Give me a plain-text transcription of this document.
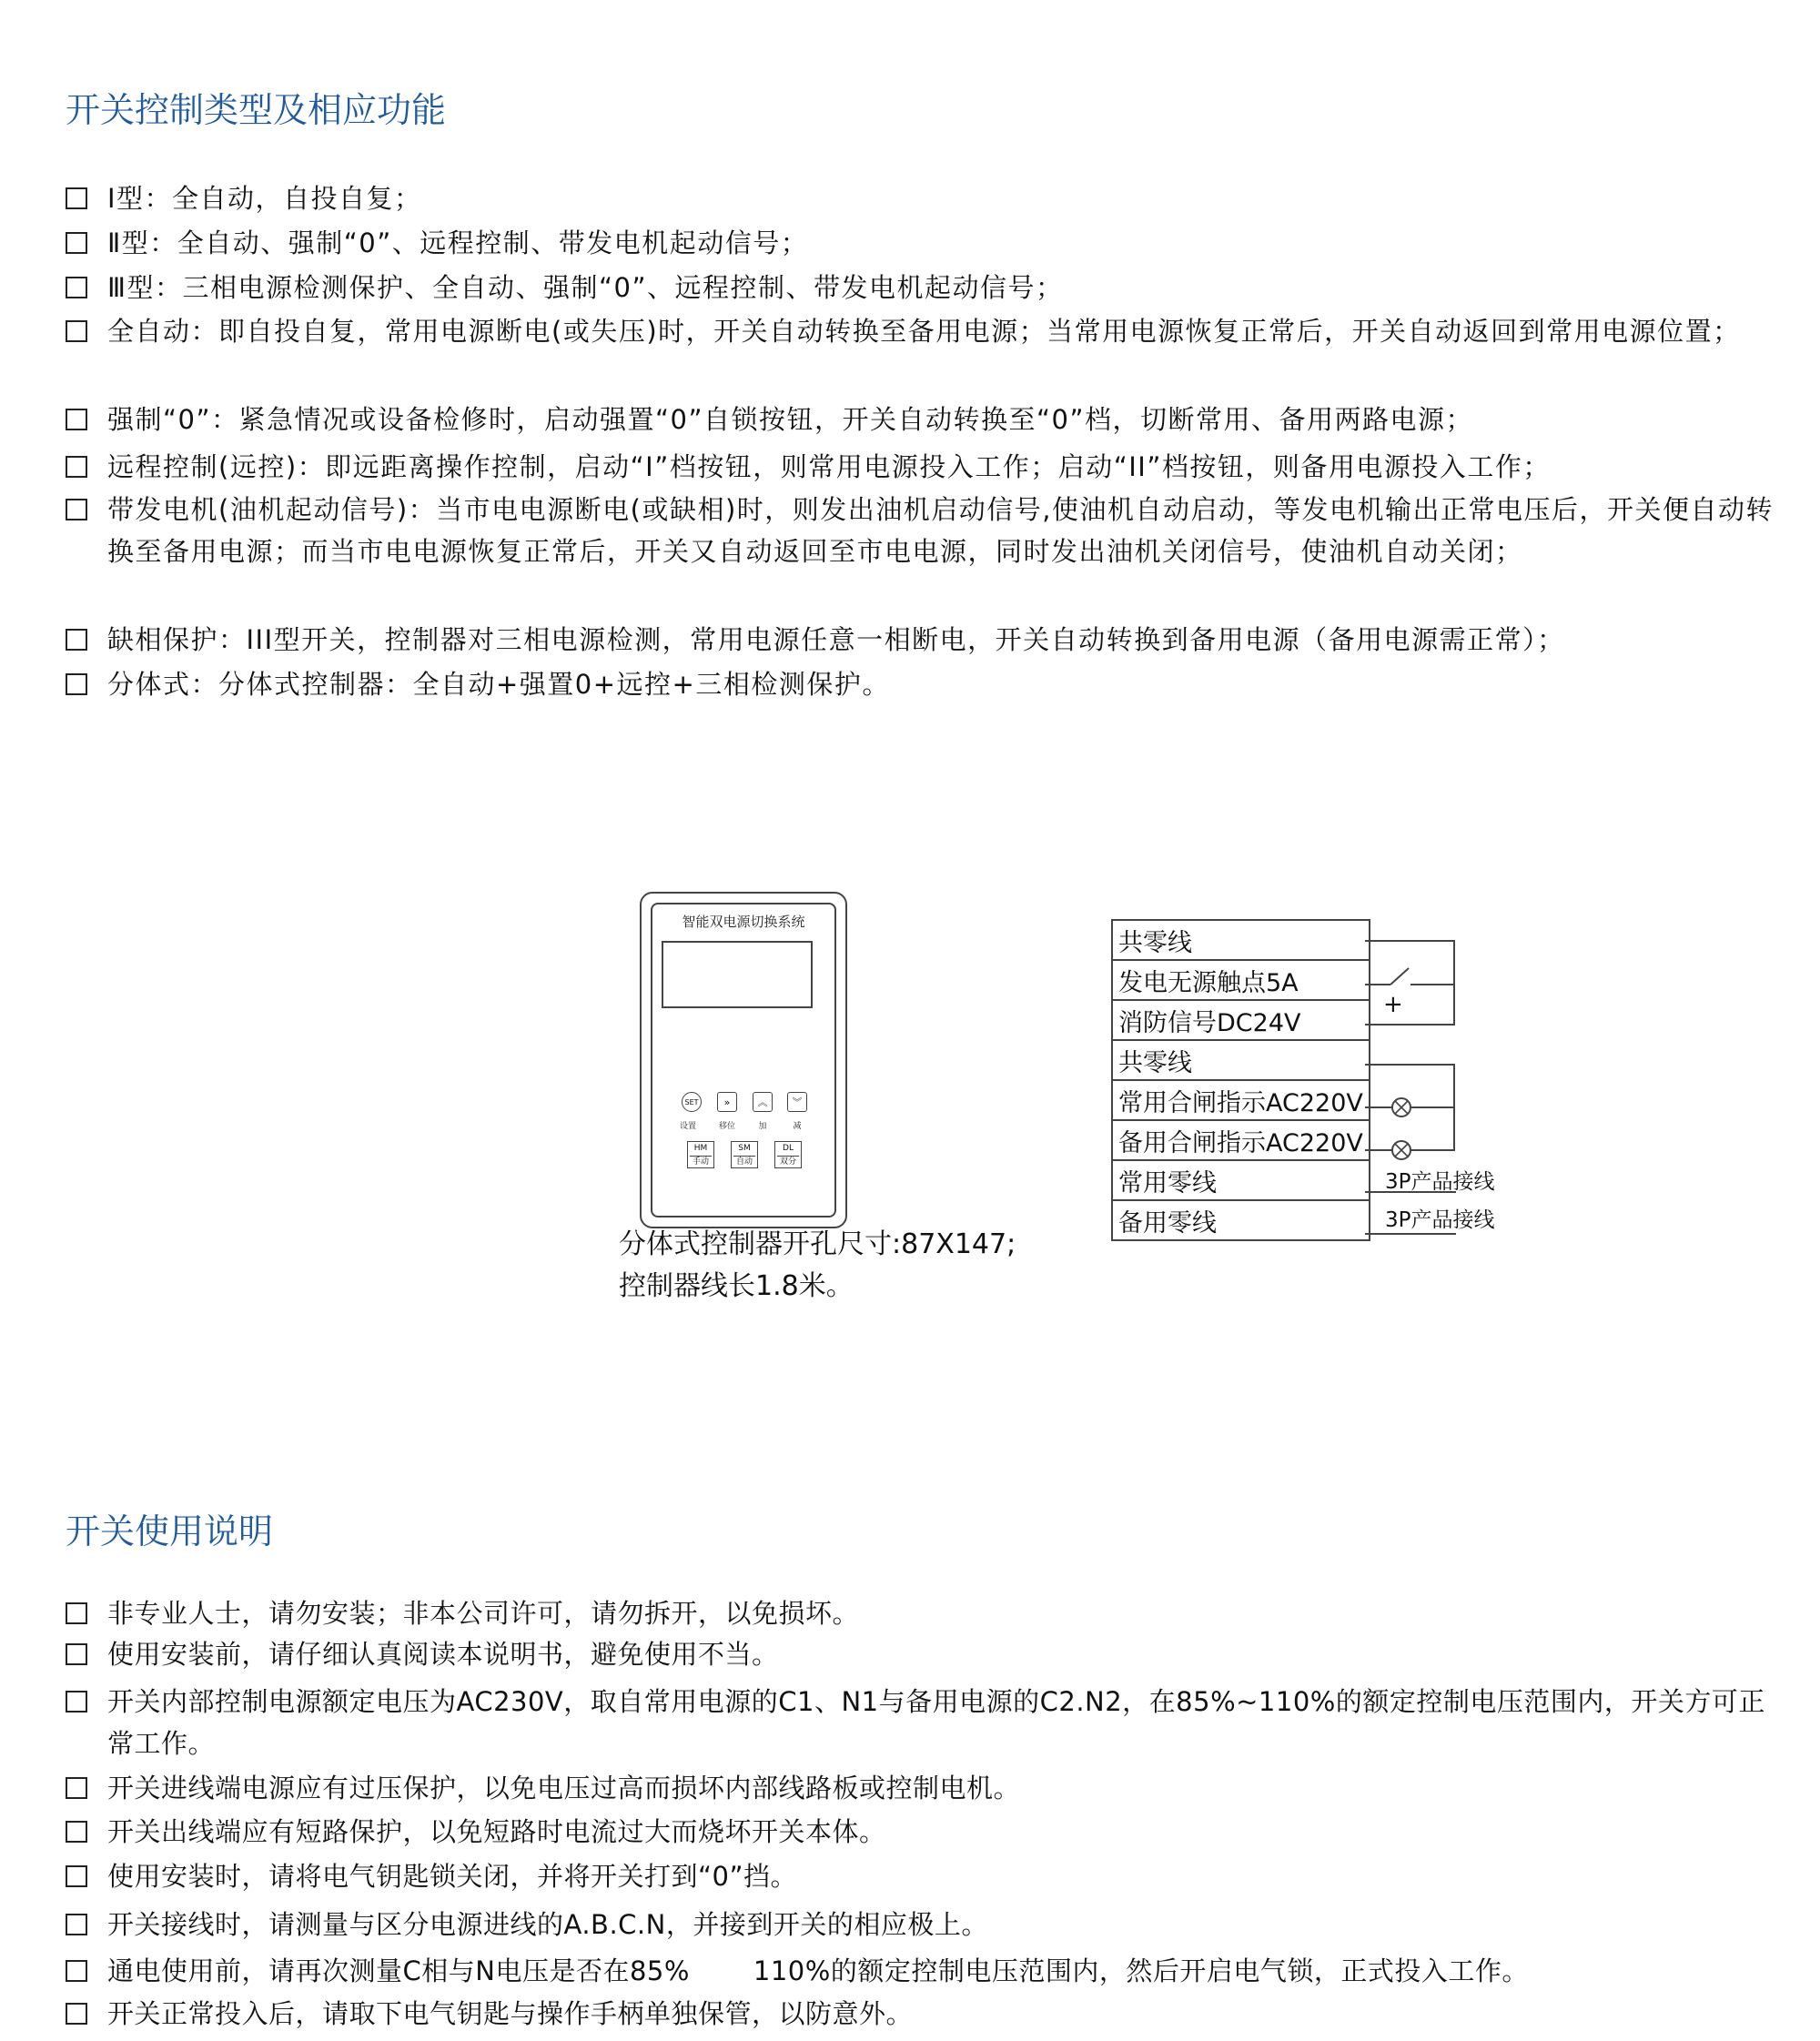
开关控制类型及相应功能
Ⅰ型：全自动，自投自复；
Ⅱ型：全自动、强制“0”、远程控制、带发电机起动信号；
Ⅲ型：三相电源检测保护、全自动、强制“0”、远程控制、带发电机起动信号；
全自动：即自投自复，常用电源断电(或失压)时，开关自动转换至备用电源；当常用电源恢复正常后，开关自动返回到常用电源位置；
强制“0”：紧急情况或设备检修时，启动强置“0”自锁按钮，开关自动转换至“0”档，切断常用、备用两路电源；
远程控制(远控)：即远距离操作控制，启动“I”档按钮，则常用电源投入工作；启动“II”档按钮，则备用电源投入工作；
带发电机(油机起动信号)：当市电电源断电(或缺相)时，则发出油机启动信号,使油机自动启动，等发电机输出正常电压后，开关便自动转换至备用电源；而当市电电源恢复正常后，开关又自动返回至市电电源，同时发出油机关闭信号，使油机自动关闭；
缺相保护：III型开关，控制器对三相电源检测，常用电源任意一相断电，开关自动转换到备用电源（备用电源需正常）；
分体式：分体式控制器：全自动+强置0+远控+三相检测保护。
智能双电源切换系统
SET	»	︽	︾
设置	移位	加	减
HM
手动
SM
自动
DL
双分
分体式控制器开孔尺寸:87X147;
控制器线长1.8米。
共零线
发电无源触点5A
消防信号DC24V
共零线
常用合闸指示AC220V
备用合闸指示AC220V
常用零线
备用零线
+
3P产品接线
3P产品接线
开关使用说明
非专业人士，请勿安装；非本公司许可，请勿拆开，以免损坏。
使用安装前，请仔细认真阅读本说明书，避免使用不当。
开关内部控制电源额定电压为AC230V，取自常用电源的C1、N1与备用电源的C2.N2，在85%~110%的额定控制电压范围内，开关方可正常工作。
开关进线端电源应有过压保护，以免电压过高而损坏内部线路板或控制电机。
开关出线端应有短路保护，以免短路时电流过大而烧坏开关本体。
使用安装时，请将电气钥匙锁关闭，并将开关打到“0”挡。
开关接线时，请测量与区分电源进线的A.B.C.N，并接到开关的相应极上。
通电使用前，请再次测量C相与N电压是否在85% 110%的额定控制电压范围内，然后开启电气锁，正式投入工作。
开关正常投入后，请取下电气钥匙与操作手柄单独保管，以防意外。
